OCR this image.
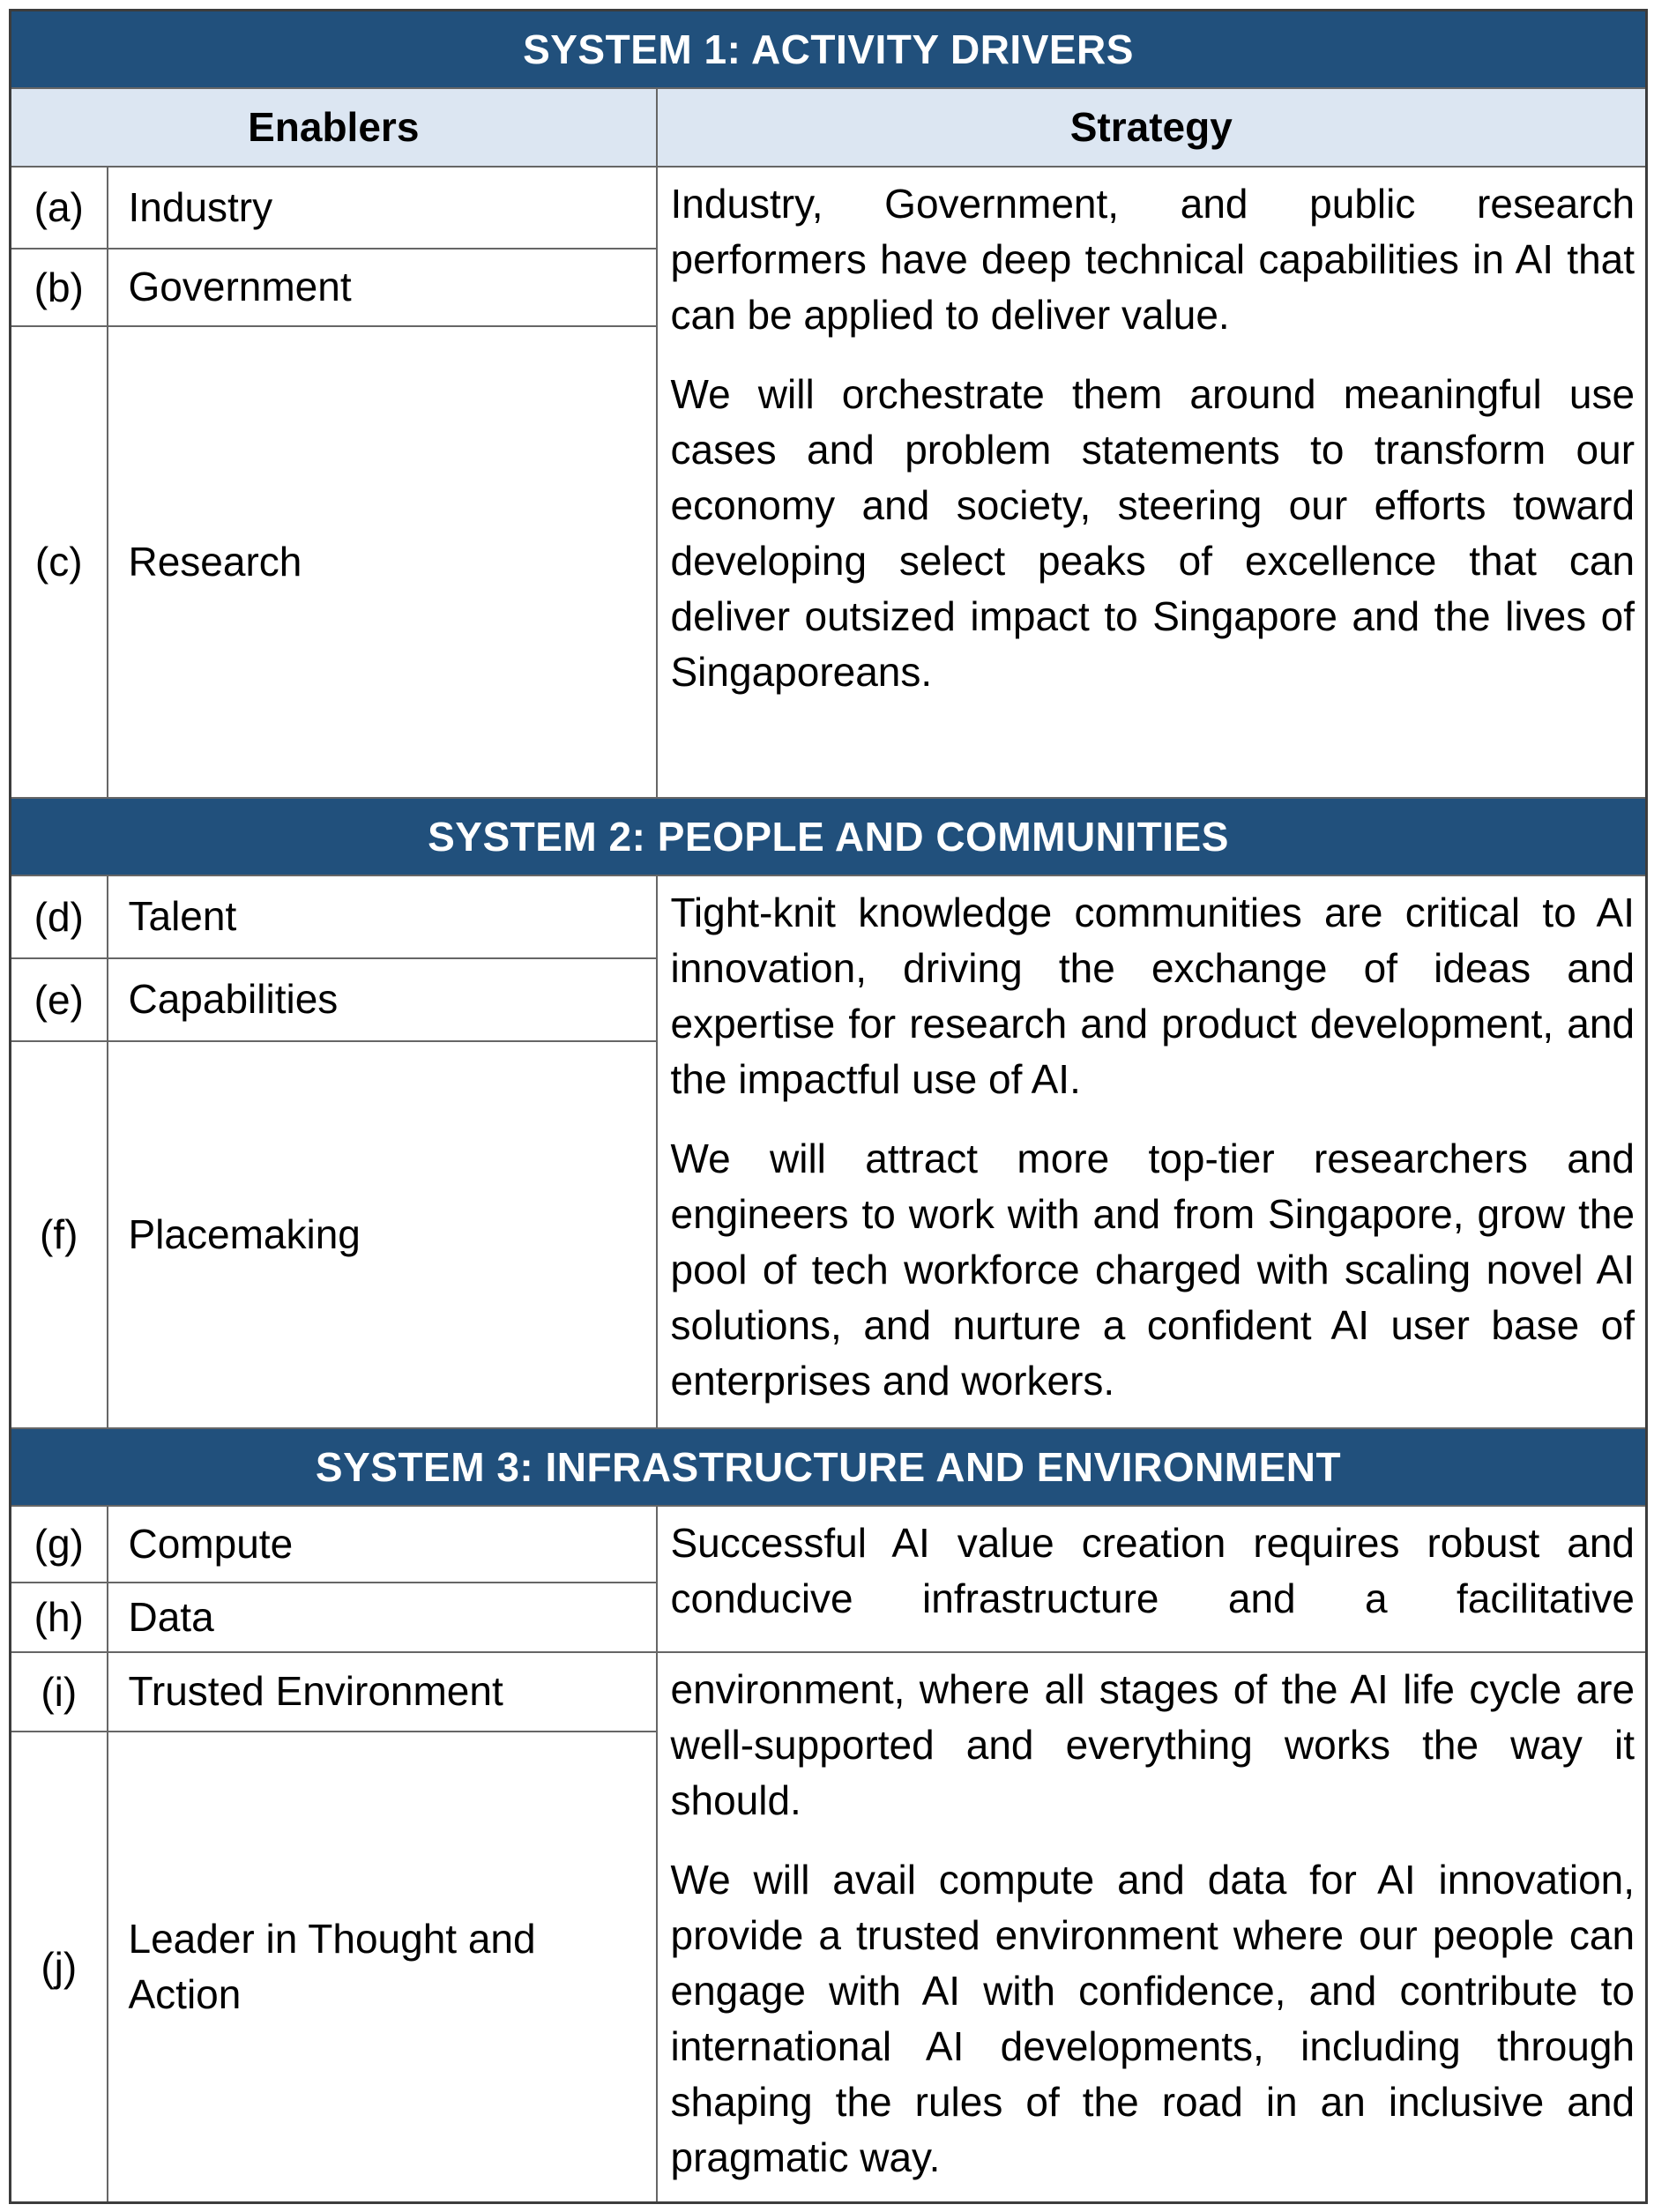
SYSTEM 1: ACTIVITY DRIVERS		
Enablers		Strategy
(a)	Industry	Industry, Government, and public research performers have deep technical capabilities in AI that can be applied to deliver value.

We will orchestrate them around meaningful use cases and problem statements to transform our economy and society, steering our efforts toward developing select peaks of excellence that can deliver outsized impact to Singapore and the lives of Singaporeans.

(b)	Government	
(c)	Research	
SYSTEM 2: PEOPLE AND COMMUNITIES		
(d)	Talent	Tight-knit knowledge communities are critical to AI innovation, driving the exchange of ideas and expertise for research and product development, and the impactful use of AI.

We will attract more top-tier researchers and engineers to work with and from Singapore, grow the pool of tech workforce charged with scaling novel AI solutions, and nurture a confident AI user base of enterprises and workers.

(e)	Capabilities	
(f)	Placemaking	
SYSTEM 3: INFRASTRUCTURE AND ENVIRONMENT		
(g)	Compute	Successful AI value creation requires robust and

conducive infrastructure and a facilitative

(h)	Data	
(i)	Trusted Environment	environment, where all stages of the AI life cycle are well-supported and everything works the way it should.

We will avail compute and data for AI innovation, provide a trusted environment where our people can engage with AI with confidence, and contribute to international AI developments, including through shaping the rules of the road in an inclusive and pragmatic way.

(j)	Leader in Thought and Action	
